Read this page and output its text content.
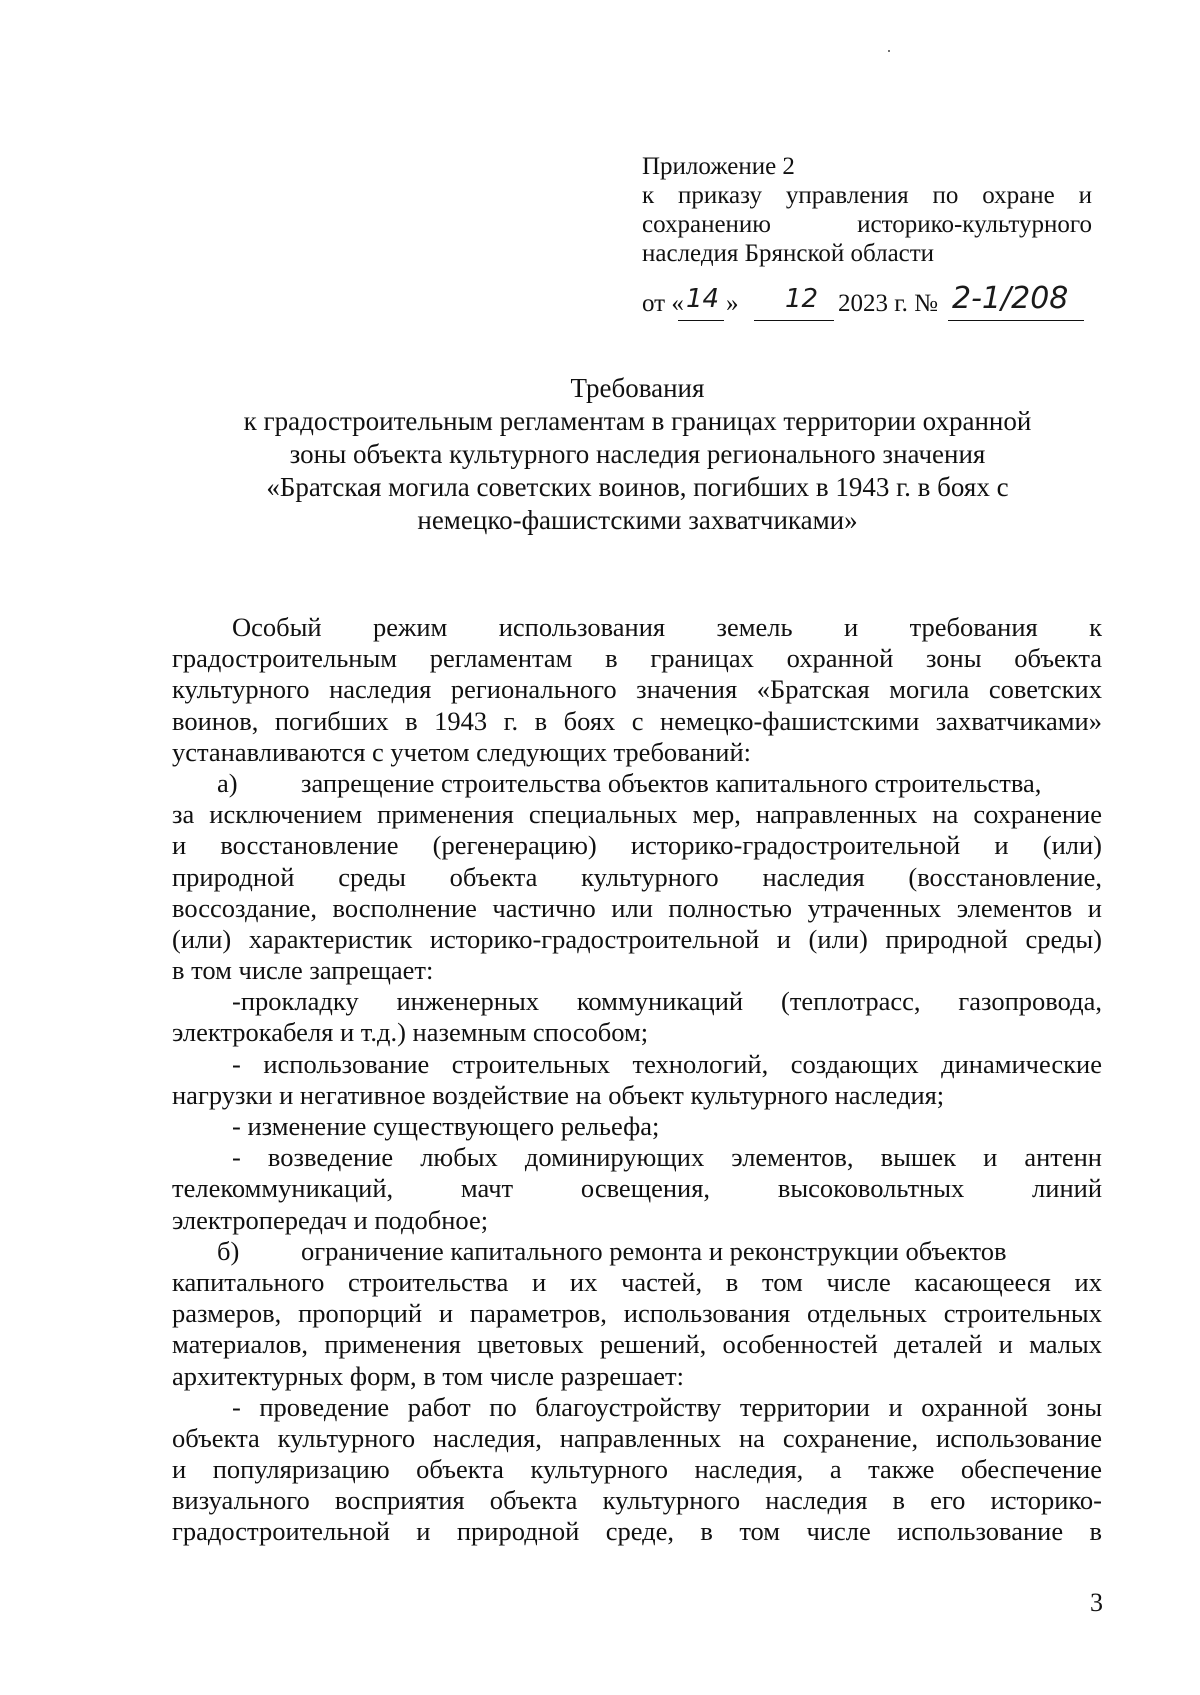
Приложение 2
к приказу управления по охране и
сохранению историко-культурного
наследия Брянской области
от « 14 » 12 2023 г. № 2-1/208
Требования
к градостроительным регламентам в границах территории охранной
зоны объекта культурного наследия регионального значения
«Братская могила советских воинов, погибших в 1943 г. в боях с
немецко-фашистскими захватчиками»
Особый режим использования земель и требования к
градостроительным регламентам в границах охранной зоны объекта
культурного наследия регионального значения «Братская могила советских
воинов, погибших в 1943 г. в боях с немецко-фашистскими захватчиками»
устанавливаются с учетом следующих требований:
а) запрещение строительства объектов капитального строительства,
за исключением применения специальных мер, направленных на сохранение
и восстановление (регенерацию) историко-градостроительной и (или)
природной среды объекта культурного наследия (восстановление,
воссоздание, восполнение частично или полностью утраченных элементов и
(или) характеристик историко-градостроительной и (или) природной среды)
в том числе запрещает:
-прокладку инженерных коммуникаций (теплотрасс, газопровода,
электрокабеля и т.д.) наземным способом;
- использование строительных технологий, создающих динамические
нагрузки и негативное воздействие на объект культурного наследия;
- изменение существующего рельефа;
- возведение любых доминирующих элементов, вышек и антенн
телекоммуникаций, мачт освещения, высоковольтных линий
электропередач и подобное;
б) ограничение капитального ремонта и реконструкции объектов
капитального строительства и их частей, в том числе касающееся их
размеров, пропорций и параметров, использования отдельных строительных
материалов, применения цветовых решений, особенностей деталей и малых
архитектурных форм, в том числе разрешает:
- проведение работ по благоустройству территории и охранной зоны
объекта культурного наследия, направленных на сохранение, использование
и популяризацию объекта культурного наследия, а также обеспечение
визуального восприятия объекта культурного наследия в его историко-
градостроительной и природной среде, в том числе использование в
3
